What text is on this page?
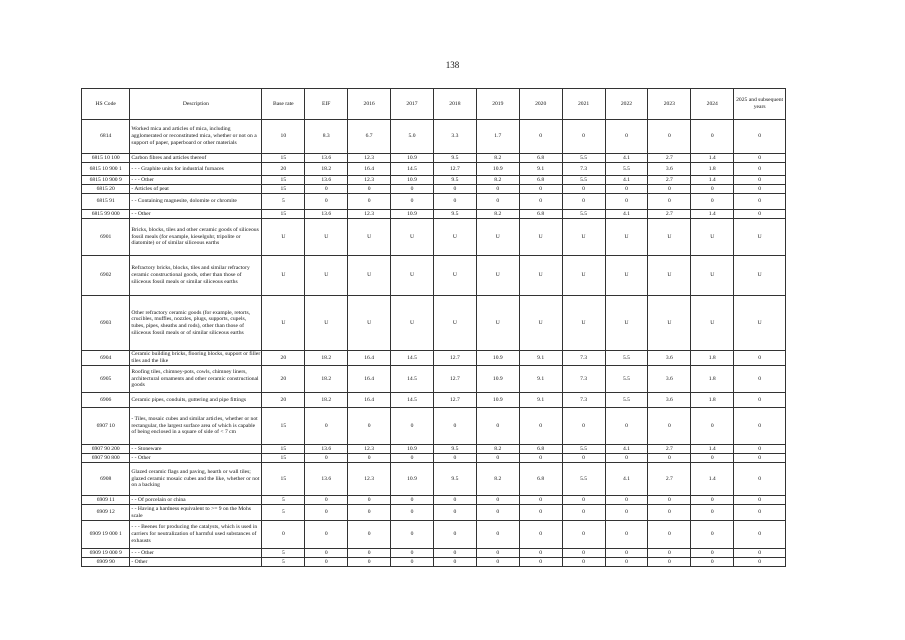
138
HS Code	Description	Base rate	EIF	2016	2017	2018	2019	2020	2021	2022	2023	2024	2025 and subsequent years
6814	Worked mica and articles of mica, including agglomerated or reconstituted mica, whether or not on a support of paper, paperboard or other materials	10	8.3	6.7	5.0	3.3	1.7	0	0	0	0	0	0
6815 10 100	Carbon fibres and articles thereof	15	13.6	12.3	10.9	9.5	8.2	6.8	5.5	4.1	2.7	1.4	0
6815 10 900 1	- - - Graphite units for industrial furnaces	20	18.2	16.4	14.5	12.7	10.9	9.1	7.3	5.5	3.6	1.8	0
6815 10 900 9	- - - Other	15	13.6	12.3	10.9	9.5	8.2	6.8	5.5	4.1	2.7	1.4	0
6815 20	- Articles of peat	15	0	0	0	0	0	0	0	0	0	0	0
6815 91	- - Containing magnesite, dolomite or chromite	5	0	0	0	0	0	0	0	0	0	0	0
6815 99 000	- - Other	15	13.6	12.3	10.9	9.5	8.2	6.8	5.5	4.1	2.7	1.4	0
6901	Bricks, blocks, tiles and other ceramic goods of siliceous fossil meals (for example, kieselguhr, tripolite or diatomite) or of similar siliceous earths	U	U	U	U	U	U	U	U	U	U	U	U
6902	Refractory bricks, blocks, tiles and similar refractory ceramic constructional goods, other than those of siliceous fossil meals or similar siliceous earths	U	U	U	U	U	U	U	U	U	U	U	U
6903	Other refractory ceramic goods (for example, retorts, crucibles, muffles, nozzles, plugs, supports, cupels, tubes, pipes, sheaths and rods), other than those of siliceous fossil meals or of similar siliceous earths	U	U	U	U	U	U	U	U	U	U	U	U
6904	Ceramic building bricks, flooring blocks, support or filler tiles and the like	20	18.2	16.4	14.5	12.7	10.9	9.1	7.3	5.5	3.6	1.8	0
6905	Roofing tiles, chimney-pots, cowls, chimney liners, architectural ornaments and other ceramic constructional goods	20	18.2	16.4	14.5	12.7	10.9	9.1	7.3	5.5	3.6	1.8	0
6906	Ceramic pipes, conduits, guttering and pipe fittings	20	18.2	16.4	14.5	12.7	10.9	9.1	7.3	5.5	3.6	1.8	0
6907 10	- Tiles, mosaic cubes and similar articles, whether or not rectangular, the largest surface area of which is capable of being enclosed in a square of side of < 7 cm	15	0	0	0	0	0	0	0	0	0	0	0
6907 90 200	- - Stoneware	15	13.6	12.3	10.9	9.5	8.2	6.8	5.5	4.1	2.7	1.4	0
6907 90 800	- - Other	15	0	0	0	0	0	0	0	0	0	0	0
6908	Glazed ceramic flags and paving, hearth or wall tiles; glazed ceramic mosaic cubes and the like, whether or not on a backing	15	13.6	12.3	10.9	9.5	8.2	6.8	5.5	4.1	2.7	1.4	0
6909 11	- - Of porcelain or china	5	0	0	0	0	0	0	0	0	0	0	0
6909 12	- - Having a hardness equivalent to >= 9 on the Mohs scale	5	0	0	0	0	0	0	0	0	0	0	0
6909 19 000 1	- - - Beenes for producing the catalysts, which is used in carriers for neutralization of harmful used substances of exhausts	0	0	0	0	0	0	0	0	0	0	0	0
6909 19 000 9	- - - Other	5	0	0	0	0	0	0	0	0	0	0	0
6909 90	- Other	5	0	0	0	0	0	0	0	0	0	0	0
